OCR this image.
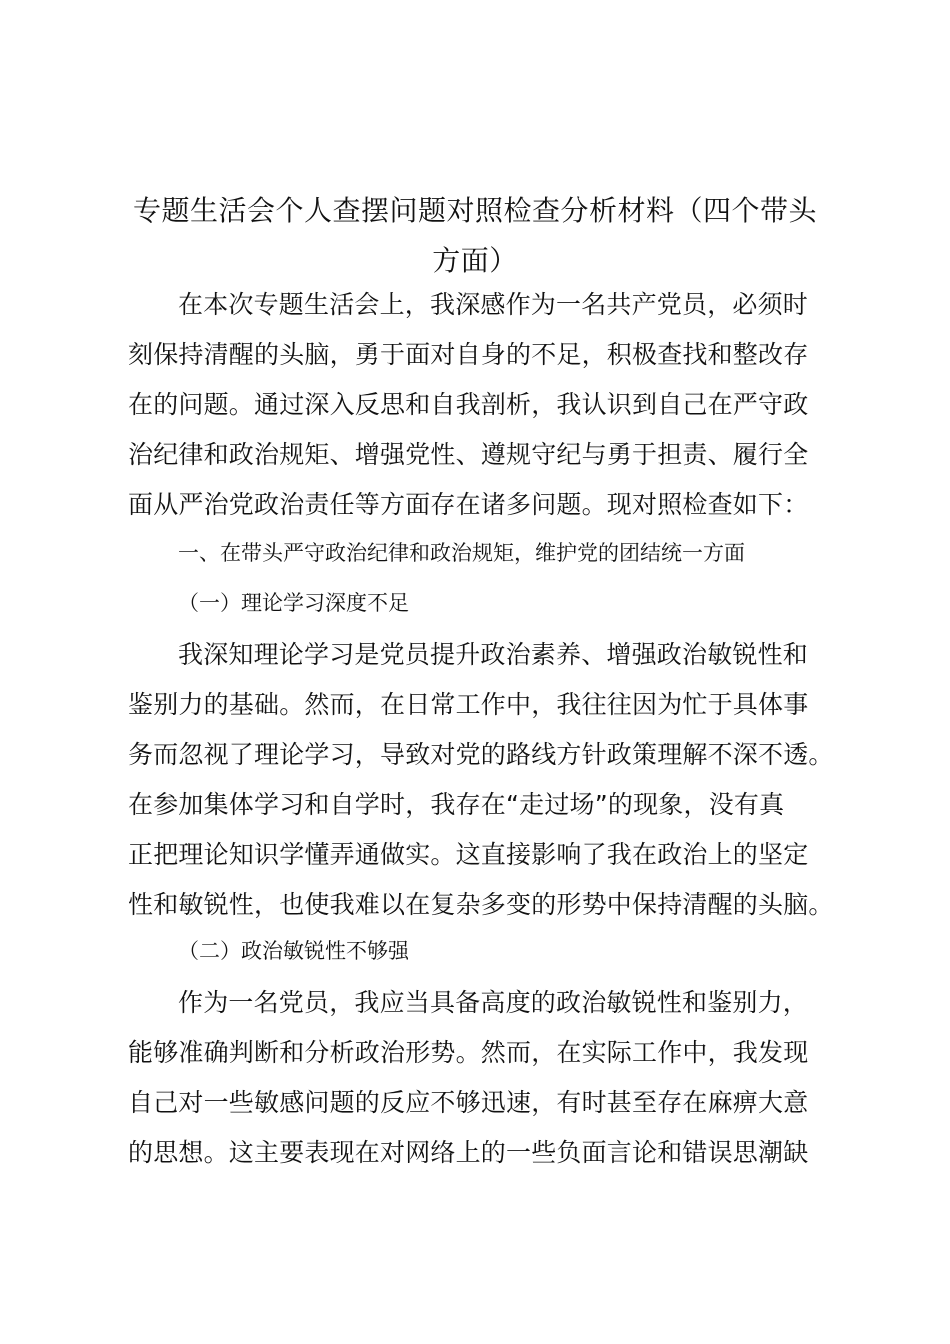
专题生活会个人查摆问题对照检查分析材料（四个带头
方面）
在本次专题生活会上，我深感作为一名共产党员，必须时
刻保持清醒的头脑，勇于面对自身的不足，积极查找和整改存
在的问题。通过深入反思和自我剖析，我认识到自己在严守政
治纪律和政治规矩、增强党性、遵规守纪与勇于担责、履行全
面从严治党政治责任等方面存在诸多问题。现对照检查如下：
一、在带头严守政治纪律和政治规矩，维护党的团结统一方面
（一）理论学习深度不足
我深知理论学习是党员提升政治素养、增强政治敏锐性和
鉴别力的基础。然而，在日常工作中，我往往因为忙于具体事
务而忽视了理论学习，导致对党的路线方针政策理解不深不透。
在参加集体学习和自学时，我存在“走过场”的现象，没有真
正把理论知识学懂弄通做实。这直接影响了我在政治上的坚定
性和敏锐性，也使我难以在复杂多变的形势中保持清醒的头脑。
（二）政治敏锐性不够强
作为一名党员，我应当具备高度的政治敏锐性和鉴别力，
能够准确判断和分析政治形势。然而，在实际工作中，我发现
自己对一些敏感问题的反应不够迅速，有时甚至存在麻痹大意
的思想。这主要表现在对网络上的一些负面言论和错误思潮缺
